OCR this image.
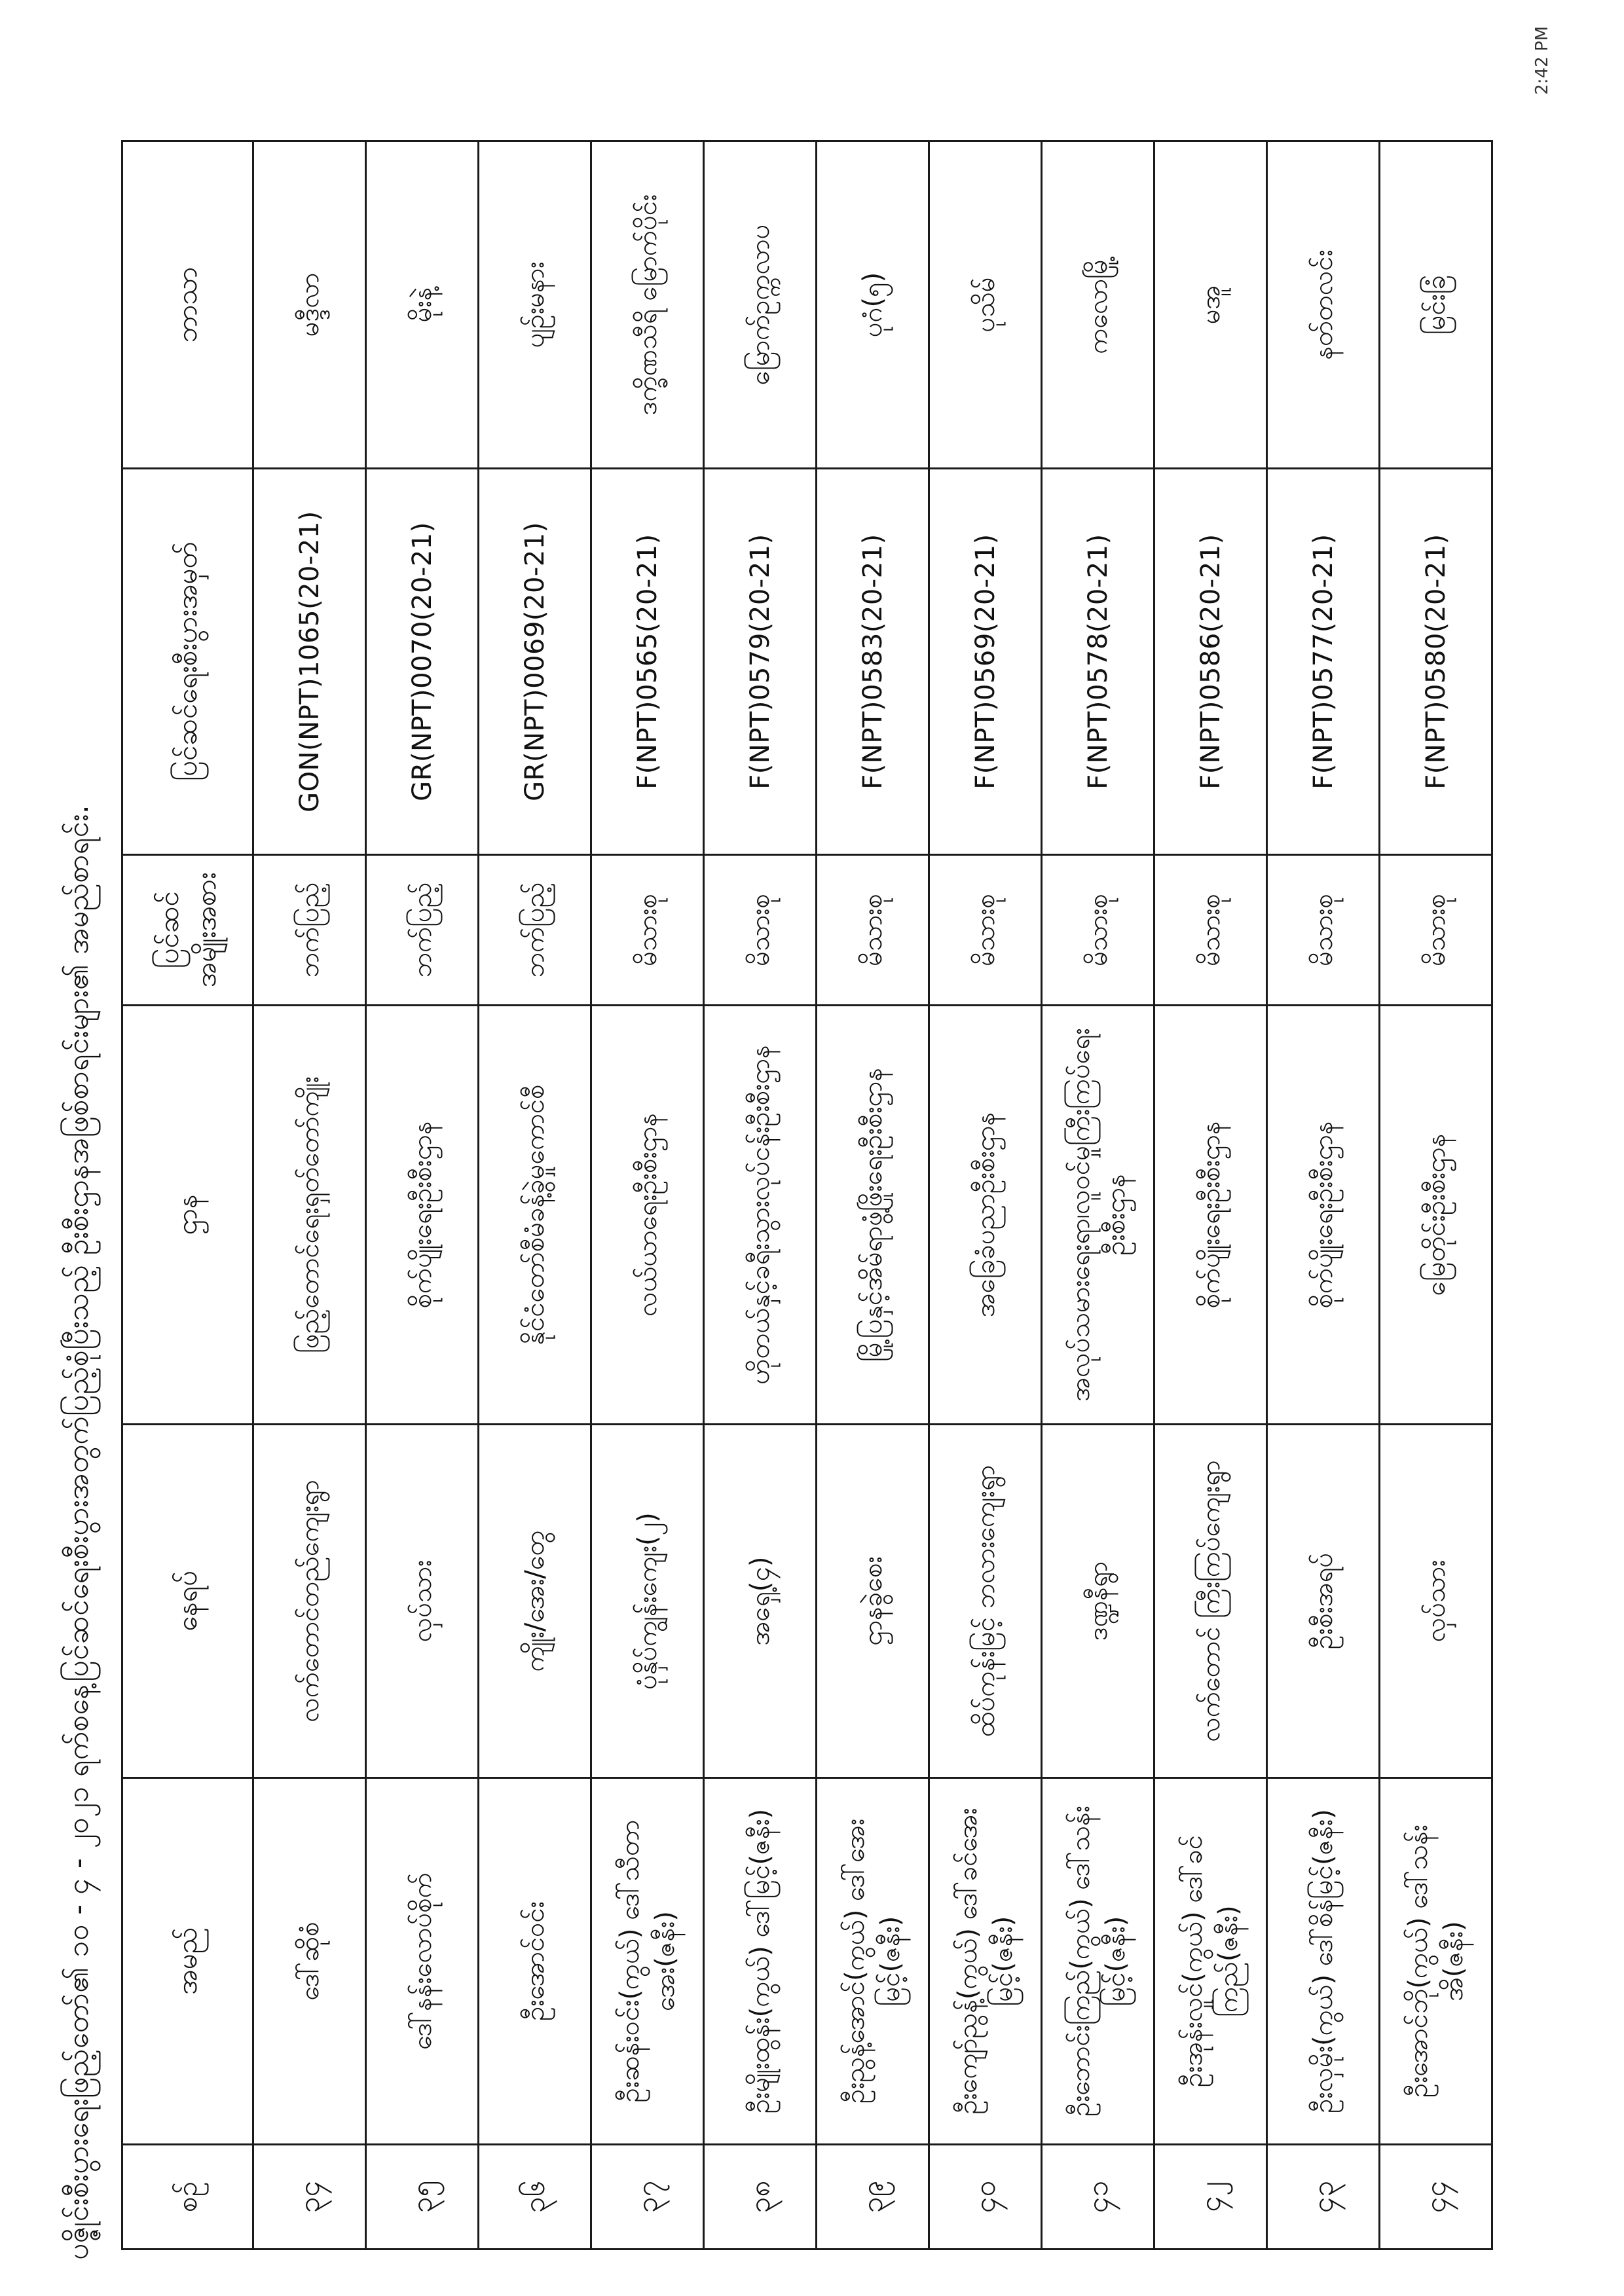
ပဇ္ဇိုင်းစီးပွားရေးဖြည့်တော်၏ ၁၀ - ၄ - ၂၀၂၁ ရက်စနေ့ပြင်ဆင်ရေးစီးပွားအတွက်ပြည့်စုံပြီးသည့် ဦးစီးဌာနအဖြစ်စာရင်းများ၏ အမည်စာရင်း.	စဉ်	အမည်	နေရပ်	ဌာန	ပြင်ဆင် အမျိုးအစား	ပြင်ဆင်ရေးစီးပွားအမှတ်	ဘာသာ
၃၄	ဒေါ်ဆိုစံ	လက်တောင်တည်ကျေးရွာ	ဖြည့်တောင်ရေးရှတ်တော်ကျိုး	ဘက်ပြည့်	GON(NPT)1065(20-21)	မဒ္ဒီလာ
၃၅	ဒေါ်နန်းလောပ်စိုက်	လှပ်သား	စိုက်ပျိုးရေးဦးစီးဌာန	ဘက်ပြည့်	GR(NPT)0070(20-21)	မိုးနဲ့
၃၆	ဦးအောင်ဝင်း	ကျိုး/အေး/တွေ	နိုင်ငံတော်စီမံခန့်ခွဲမှုကောင်စီ	ဘက်ပြည့်	GR(NPT)0069(20-21)	ပျဉ်းမနား
၃၇	ဦးဆန်းဝင်း(ကွယ်) ဒေါ်သီတာအေး(ဇနီး)	ပုံနှိပ်ကျွန်းကျေး(၂)	လယ်ယာရေးဦးစီးဌာန	မိသားစု	F(NPT)0565(20-21)	ဒက္ခိဏသီရိ မြောက်ပိုင်း
၃၈	ဦးမျိုးထွန်း(ကွယ်) ဒေါ်မြင့်(ဇနီး)	အရှေ့(၄)	ဟိုတယ်နှင့်ခရီးသွားလုပ်ငန်းဦးစီးဌာန	မိသားစု	F(NPT)0579(20-21)	မြောက်ဥက္ကလာပ
၃၉	ဦးညွန့်အောင်(ကွယ်) ဒေါ်အေးမြင့်(ဇနီး)	ဌာနခွဲစေး	မြို့ပြနှင့်အိမ်ရာဖွံ့ဖြိုးရေးဦးစီးဌာန	မိသားစု	F(NPT)0583(20-21)	ပုဂံ(၅)
၄၀	ဦးကျော်ညွန့်(ကွယ်) ဒေါ်ခင်အေးမြင့်(ဇနီး)	ထိပ်ကုန်းမြင့် ဘလားကျေးရွာ	အခြေခံပညာဦးစီးဌာန	မိသားစု	F(NPT)0569(20-21)	ပုသိမ်
၄၁	ဦးဘောင်းကြည်(ကွယ်) ဒေါ်သန်းမြင့်(ဇနီး)	ဒဏ္ဍနီရွာ	အလုပ်သမားရေးရာ၊လူဝင်မှုကြီးကြပ်ရေး ဦးစီးဌာန	မိသားစု	F(NPT)0578(20-21)	ကလောမြို့
၄၂	ဦးအုန်းလှုင်(ကွယ်) ဒေါ်ခင်ကြည်(ဇနီး)	လက်တောင် ကြီးကြပ်ကျေးရွာ	စိုက်ပျိုးရေးဦးစီးဌာန	မိသားစု	F(NPT)0586(20-21)	မအူ
၄၃	ဦးလှမိုး(ကွယ်) ဒေါ်စိန်မြင့်(ဇနီး)	ဦးစီးအရပ်	စိုက်ပျိုးရေးဦးစီးဌာန	မိသားစု	F(NPT)0577(20-21)	နတ်တလင်း
၄၄	ဦးအောင်ဘို(ကွယ်) ဒေါ်သန်းအိ(ဇနီး)	လှပ်သား	မြေတိုင်းဦးစီးဌာန	မိသားစု	F(NPT)0580(20-21)	မြင်းခြံ
2:42 PM
